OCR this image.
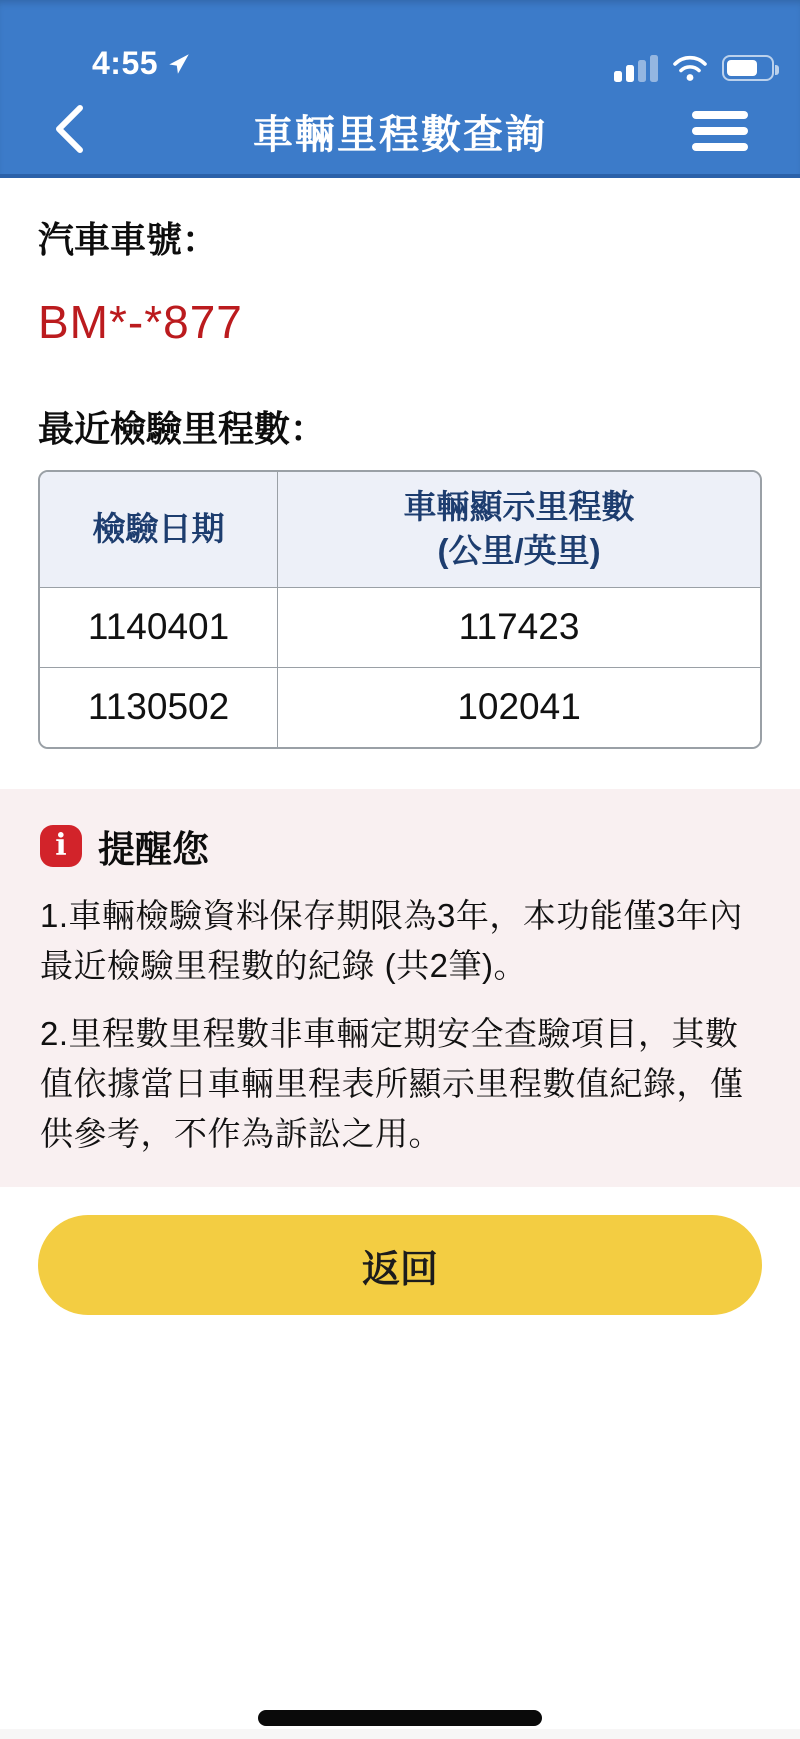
4:55
車輛里程數查詢
汽車車號：
BM*-*877
最近檢驗里程數：
檢驗日期	車輛顯示里程數
(公里/英里)
1140401	117423
1130502	102041
i 提醒您
1.車輛檢驗資料保存期限為3年，本功能僅3年內最近檢驗里程數的紀錄 (共2筆)。
2.里程數里程數非車輛定期安全查驗項目，其數值依據當日車輛里程表所顯示里程數值紀錄，僅供參考，不作為訴訟之用。
返回
